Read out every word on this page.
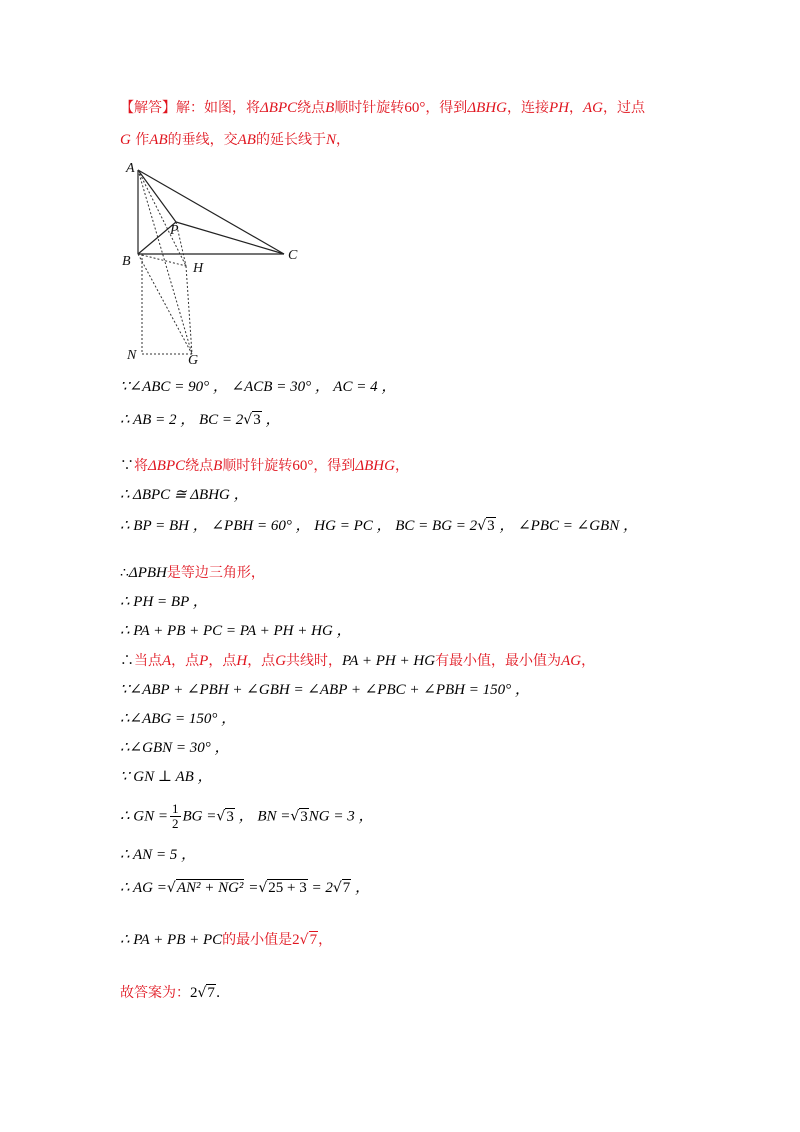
【解答】解：如图，将ΔBPC绕点B顺时针旋转60°，得到ΔBHG，连接PH，AG，过点
G 作AB的垂线，交AB的延长线于N，
A
B	C
P
H
N	G
∵∠ABC = 90° ， ∠ACB = 30° ， AC = 4 ，
∴ AB = 2 ， BC = 2√3 ，
∵将ΔBPC绕点B顺时针旋转60°，得到ΔBHG，
∴ ΔBPC ≅ ΔBHG ，
∴ BP = BH ， ∠PBH = 60° ， HG = PC ， BC = BG = 2√3 ， ∠PBC = ∠GBN ，
∴ΔPBH是等边三角形，
∴ PH = BP ，
∴ PA + PB + PC = PA + PH + HG ，
∴当点A，点P，点H，点G共线时，PA + PH + HG有最小值，最小值为AG，
∵∠ABP + ∠PBH + ∠GBH = ∠ABP + ∠PBC + ∠PBH = 150° ，
∴∠ABG = 150° ，
∴∠GBN = 30° ，
∵ GN ⊥ AB ，
∴ GN = $\frac{1}{2}$ BG =√3 ， BN =√3NG = 3 ，
∴ AN = 5 ，
∴ AG =√AN² + NG² =√25 + 3 = 2√7 ，
∴ PA + PB + PC的最小值是2√7，
故答案为：2√7.
